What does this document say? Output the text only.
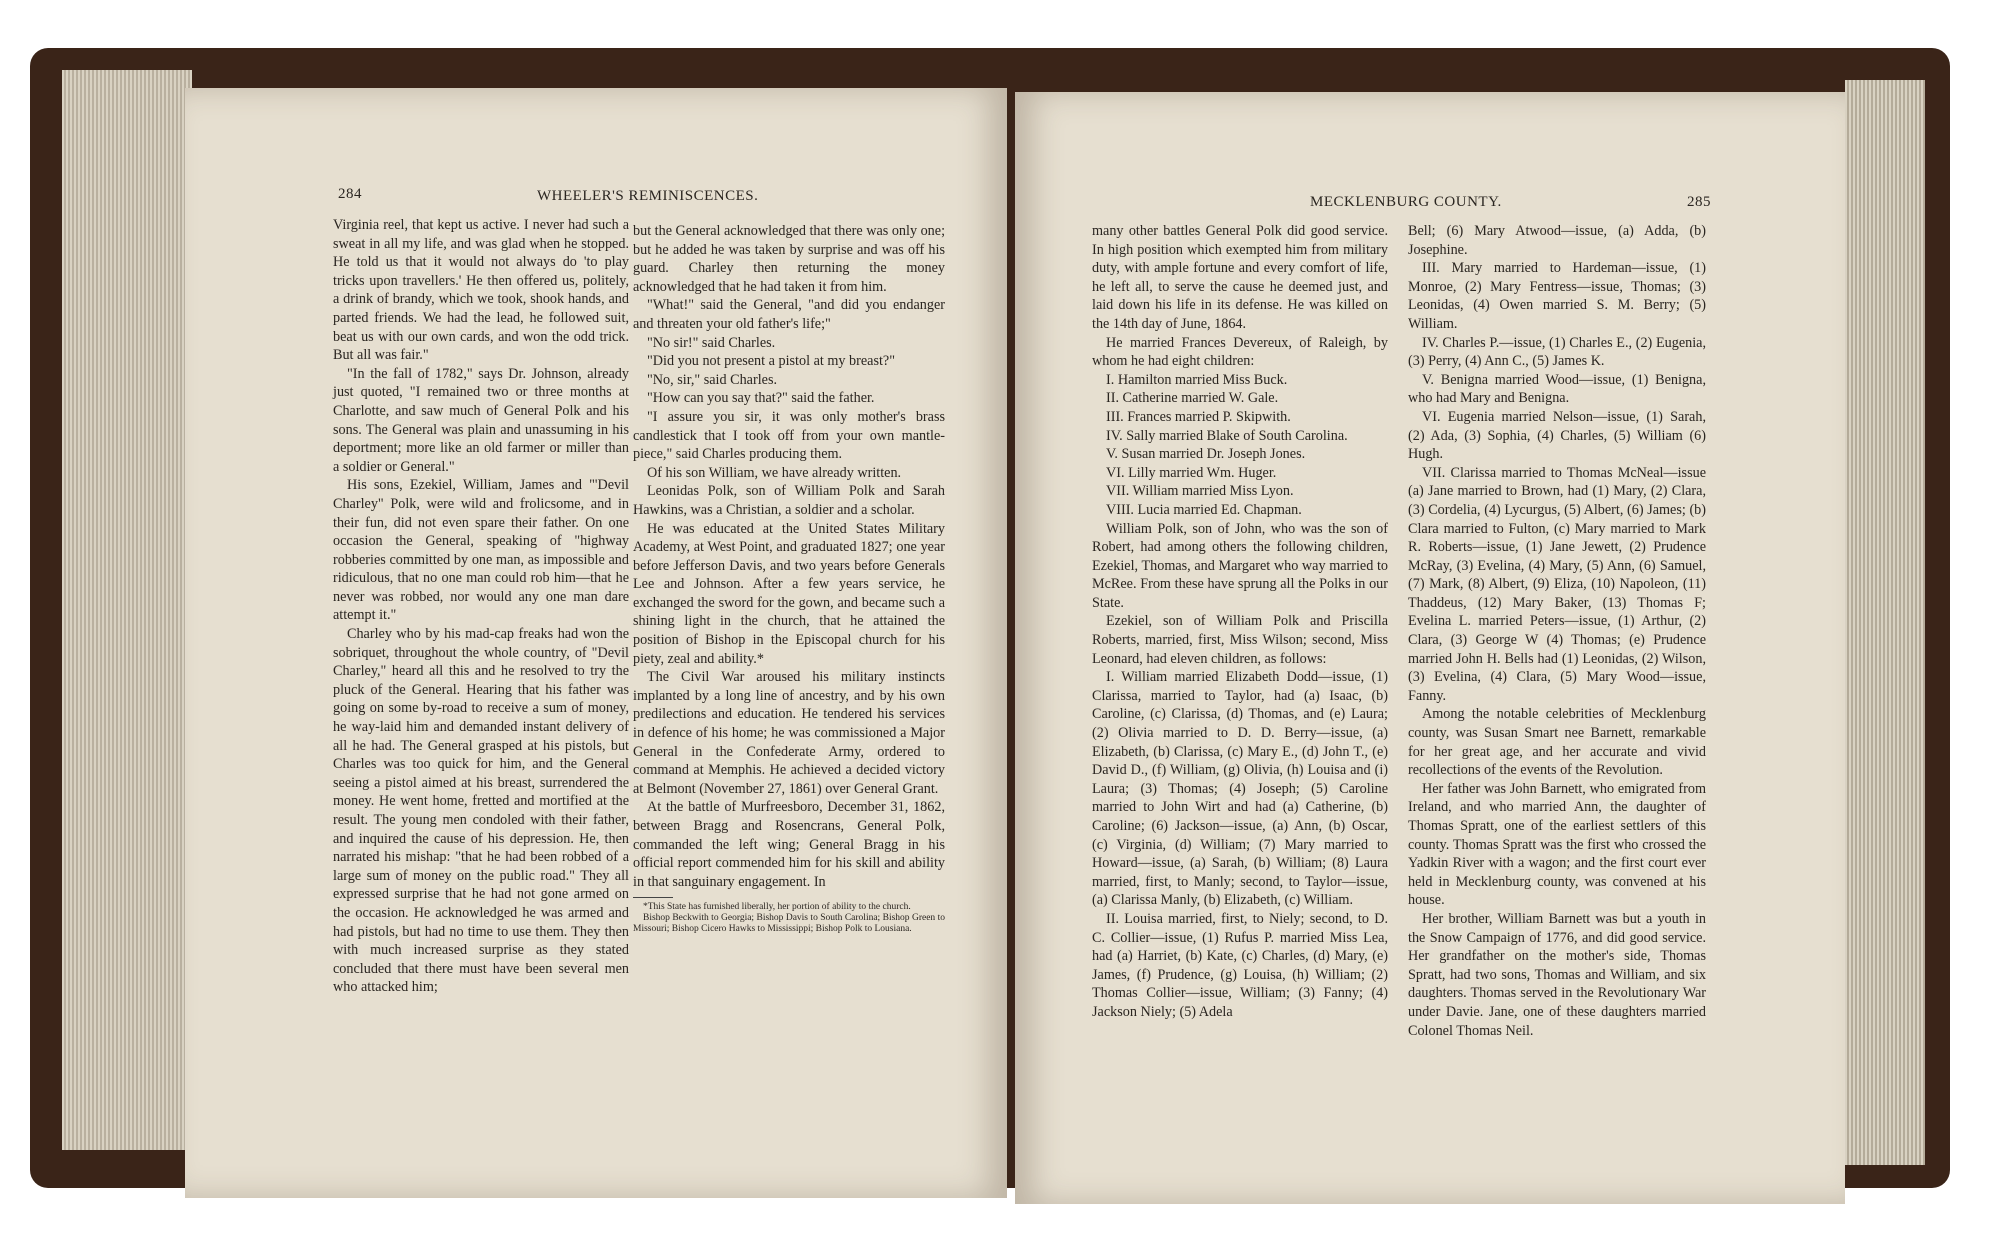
284	WHEELER'S REMINISCENCES.

Virginia reel, that kept us active. I never had such a sweat in all my life, and was glad when he stopped. He told us that it would not always do 'to play tricks upon travellers.' He then offered us, politely, a drink of brandy, which we took, shook hands, and parted friends. We had the lead, he followed suit, beat us with our own cards, and won the odd trick. But all was fair."

"In the fall of 1782," says Dr. Johnson, already just quoted, "I remained two or three months at Charlotte, and saw much of General Polk and his sons. The General was plain and unassuming in his deportment; more like an old farmer or miller than a soldier or General."

His sons, Ezekiel, William, James and "'Devil Charley" Polk, were wild and frolicsome, and in their fun, did not even spare their father. On one occasion the General, speaking of "highway robberies committed by one man, as impossible and ridiculous, that no one man could rob him—that he never was robbed, nor would any one man dare attempt it."

Charley who by his mad-cap freaks had won the sobriquet, throughout the whole country, of "Devil Charley," heard all this and he resolved to try the pluck of the General. Hearing that his father was going on some by-road to receive a sum of money, he way-laid him and demanded instant delivery of all he had. The General grasped at his pistols, but Charles was too quick for him, and the General seeing a pistol aimed at his breast, surrendered the money. He went home, fretted and mortified at the result. The young men condoled with their father, and inquired the cause of his depression. He, then narrated his mishap: "that he had been robbed of a large sum of money on the public road." They all expressed surprise that he had not gone armed on the occasion. He acknowledged he was armed and had pistols, but had no time to use them. They then with much increased surprise as they stated concluded that there must have been several men who attacked him;

but the General acknowledged that there was only one; but he added he was taken by surprise and was off his guard. Charley then returning the money acknowledged that he had taken it from him.

"What!" said the General, "and did you endanger and threaten your old father's life;"

"No sir!" said Charles.

"Did you not present a pistol at my breast?"

"No, sir," said Charles.

"How can you say that?" said the father.

"I assure you sir, it was only mother's brass candlestick that I took off from your own mantle-piece," said Charles producing them.

Of his son William, we have already written.

Leonidas Polk, son of William Polk and Sarah Hawkins, was a Christian, a soldier and a scholar.

He was educated at the United States Military Academy, at West Point, and graduated 1827; one year before Jefferson Davis, and two years before Generals Lee and Johnson. After a few years service, he exchanged the sword for the gown, and became such a shining light in the church, that he attained the position of Bishop in the Episcopal church for his piety, zeal and ability.*

The Civil War aroused his military instincts implanted by a long line of ancestry, and by his own predilections and education. He tendered his services in defence of his home; he was commissioned a Major General in the Confederate Army, ordered to command at Memphis. He achieved a decided victory at Belmont (November 27, 1861) over General Grant.

At the battle of Murfreesboro, December 31, 1862, between Bragg and Rosencrans, General Polk, commanded the left wing; General Bragg in his official report commended him for his skill and ability in that sanguinary engagement. In

*This State has furnished liberally, her portion of ability to the church.

Bishop Beckwith to Georgia; Bishop Davis to South Carolina; Bishop Green to Missouri; Bishop Cicero Hawks to Mississippi; Bishop Polk to Lousiana.

MECKLENBURG COUNTY.	285

many other battles General Polk did good service. In high position which exempted him from military duty, with ample fortune and every comfort of life, he left all, to serve the cause he deemed just, and laid down his life in its defense. He was killed on the 14th day of June, 1864.

He married Frances Devereux, of Raleigh, by whom he had eight children:

I. Hamilton married Miss Buck.

II. Catherine married W. Gale.

III. Frances married P. Skipwith.

IV. Sally married Blake of South Carolina.

V. Susan married Dr. Joseph Jones.

VI. Lilly married Wm. Huger.

VII. William married Miss Lyon.

VIII. Lucia married Ed. Chapman.

William Polk, son of John, who was the son of Robert, had among others the following children, Ezekiel, Thomas, and Margaret who way married to McRee. From these have sprung all the Polks in our State.

Ezekiel, son of William Polk and Priscilla Roberts, married, first, Miss Wilson; second, Miss Leonard, had eleven children, as follows:

I. William married Elizabeth Dodd—issue, (1) Clarissa, married to Taylor, had (a) Isaac, (b) Caroline, (c) Clarissa, (d) Thomas, and (e) Laura; (2) Olivia married to D. D. Berry—issue, (a) Elizabeth, (b) Clarissa, (c) Mary E., (d) John T., (e) David D., (f) William, (g) Olivia, (h) Louisa and (i) Laura; (3) Thomas; (4) Joseph; (5) Caroline married to John Wirt and had (a) Catherine, (b) Caroline; (6) Jackson—issue, (a) Ann, (b) Oscar, (c) Virginia, (d) William; (7) Mary married to Howard—issue, (a) Sarah, (b) William; (8) Laura married, first, to Manly; second, to Taylor—issue, (a) Clarissa Manly, (b) Elizabeth, (c) William.

II. Louisa married, first, to Niely; second, to D. C. Collier—issue, (1) Rufus P. married Miss Lea, had (a) Harriet, (b) Kate, (c) Charles, (d) Mary, (e) James, (f) Prudence, (g) Louisa, (h) William; (2) Thomas Collier—issue, William; (3) Fanny; (4) Jackson Niely; (5) Adela

Bell; (6) Mary Atwood—issue, (a) Adda, (b) Josephine.

III. Mary married to Hardeman—issue, (1) Monroe, (2) Mary Fentress—issue, Thomas; (3) Leonidas, (4) Owen married S. M. Berry; (5) William.

IV. Charles P.—issue, (1) Charles E., (2) Eugenia, (3) Perry, (4) Ann C., (5) James K.

V. Benigna married Wood—issue, (1) Benigna, who had Mary and Benigna.

VI. Eugenia married Nelson—issue, (1) Sarah, (2) Ada, (3) Sophia, (4) Charles, (5) William (6) Hugh.

VII. Clarissa married to Thomas McNeal—issue (a) Jane married to Brown, had (1) Mary, (2) Clara, (3) Cordelia, (4) Lycurgus, (5) Albert, (6) James; (b) Clara married to Fulton, (c) Mary married to Mark R. Roberts—issue, (1) Jane Jewett, (2) Prudence McRay, (3) Evelina, (4) Mary, (5) Ann, (6) Samuel, (7) Mark, (8) Albert, (9) Eliza, (10) Napoleon, (11) Thaddeus, (12) Mary Baker, (13) Thomas F; Evelina L. married Peters—issue, (1) Arthur, (2) Clara, (3) George W (4) Thomas; (e) Prudence married John H. Bells had (1) Leonidas, (2) Wilson, (3) Evelina, (4) Clara, (5) Mary Wood—issue, Fanny.

Among the notable celebrities of Mecklenburg county, was Susan Smart nee Barnett, remarkable for her great age, and her accurate and vivid recollections of the events of the Revolution.

Her father was John Barnett, who emigrated from Ireland, and who married Ann, the daughter of Thomas Spratt, one of the earliest settlers of this county. Thomas Spratt was the first who crossed the Yadkin River with a wagon; and the first court ever held in Mecklenburg county, was convened at his house.

Her brother, William Barnett was but a youth in the Snow Campaign of 1776, and did good service. Her grandfather on the mother's side, Thomas Spratt, had two sons, Thomas and William, and six daughters. Thomas served in the Revolutionary War under Davie. Jane, one of these daughters married Colonel Thomas Neil.
